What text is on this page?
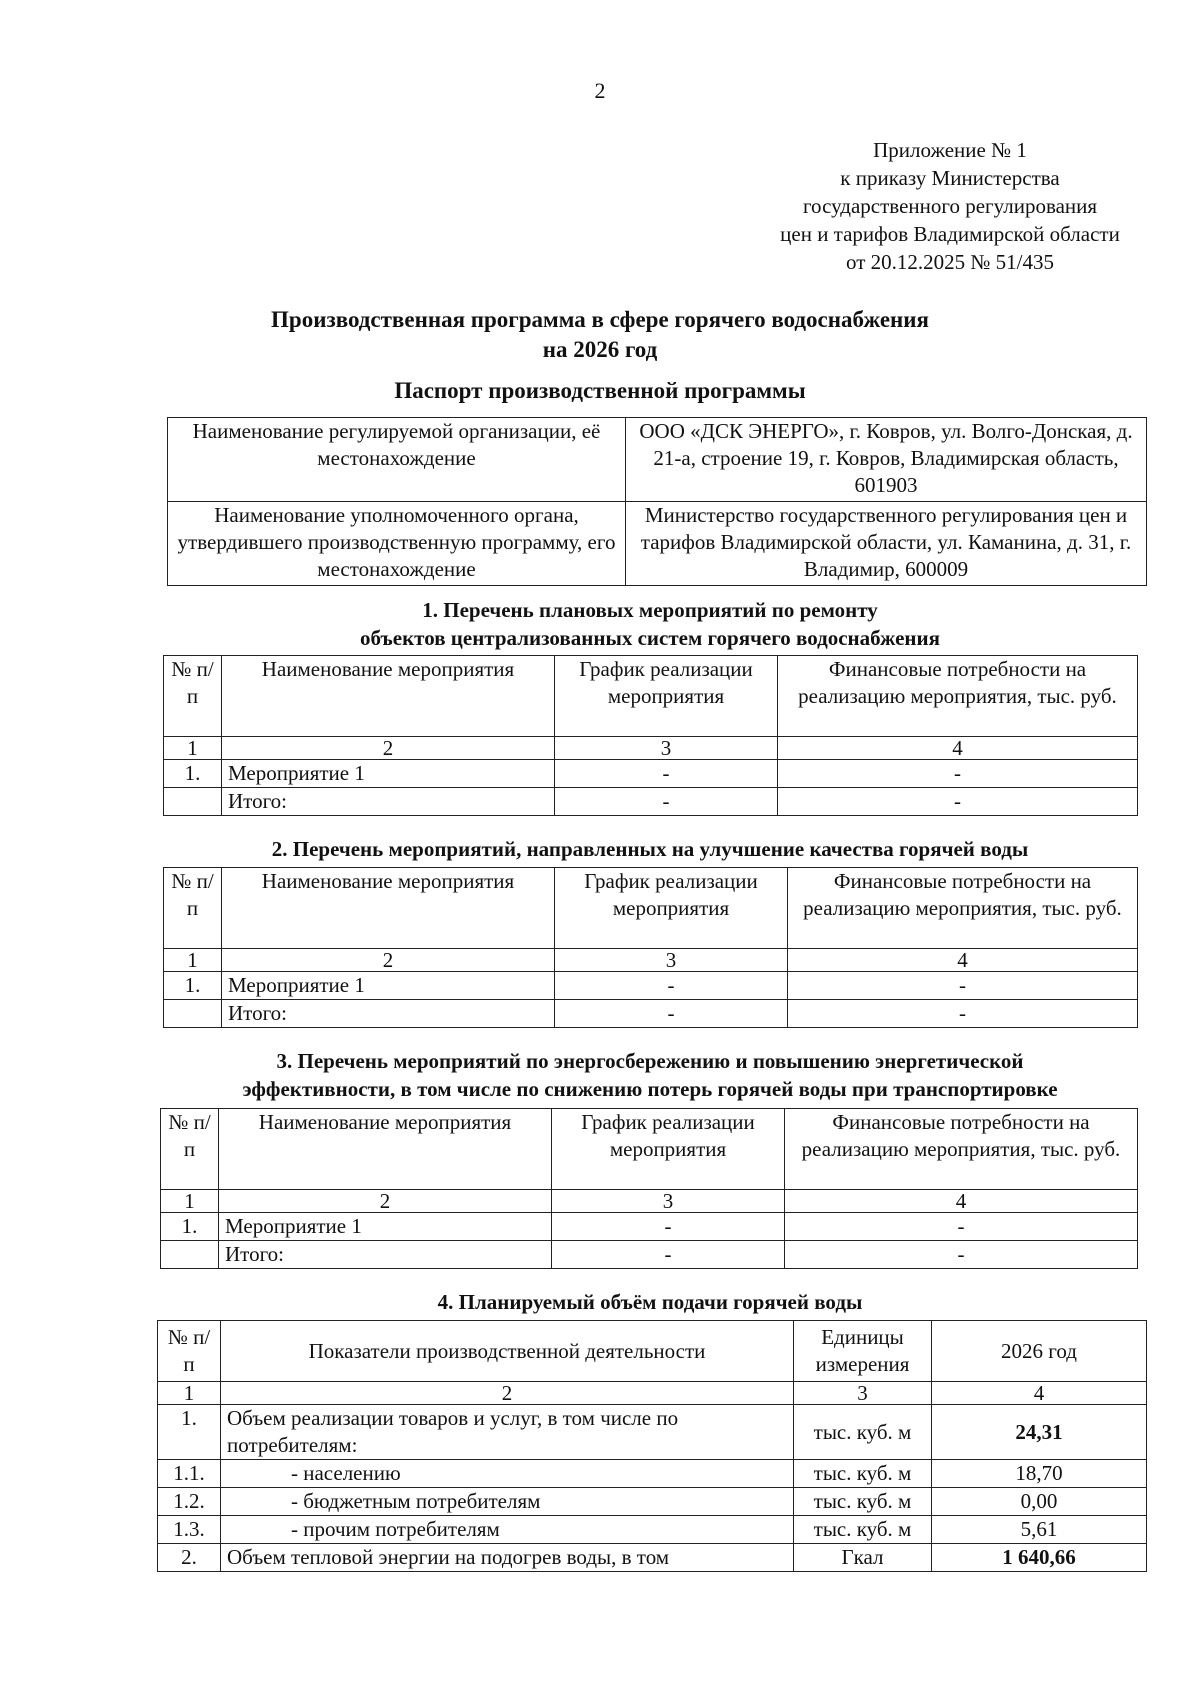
2
Приложение № 1
к приказу Министерства
государственного регулирования
цен и тарифов Владимирской области
от 20.12.2025 № 51/435
Производственная программа в сфере горячего водоснабжения
на 2026 год
Паспорт производственной программы
Наименование регулируемой организации, её местонахождение	ООО «ДСК ЭНЕРГО», г. Ковров, ул. Волго-Донская, д. 21-а, строение 19, г. Ковров, Владимирская область, 601903
Наименование уполномоченного органа, утвердившего производственную программу, его местонахождение	Министерство государственного регулирования цен и тарифов Владимирской области, ул. Каманина, д. 31, г. Владимир, 600009
1. Перечень плановых мероприятий по ремонту
объектов централизованных систем горячего водоснабжения
№ п/п	Наименование мероприятия	График реализации мероприятия	Финансовые потребности на реализацию мероприятия, тыс. руб.
1	2	3	4
1.	Мероприятие 1	-	-
	Итого:	-	-
2. Перечень мероприятий, направленных на улучшение качества горячей воды
№ п/п	Наименование мероприятия	График реализации мероприятия	Финансовые потребности на реализацию мероприятия, тыс. руб.
1	2	3	4
1.	Мероприятие 1	-	-
	Итого:	-	-
3. Перечень мероприятий по энергосбережению и повышению энергетической
эффективности, в том числе по снижению потерь горячей воды при транспортировке
№ п/п	Наименование мероприятия	График реализации мероприятия	Финансовые потребности на реализацию мероприятия, тыс. руб.
1	2	3	4
1.	Мероприятие 1	-	-
	Итого:	-	-
4. Планируемый объём подачи горячей воды
№ п/п	Показатели производственной деятельности	Единицы измерения	2026 год
1	2	3	4
1.	Объем реализации товаров и услуг, в том числе по потребителям:	тыс. куб. м	24,31
1.1.	- населению	тыс. куб. м	18,70
1.2.	- бюджетным потребителям	тыс. куб. м	0,00
1.3.	- прочим потребителям	тыс. куб. м	5,61
2.	Объем тепловой энергии на подогрев воды, в том	Гкал	1 640,66
